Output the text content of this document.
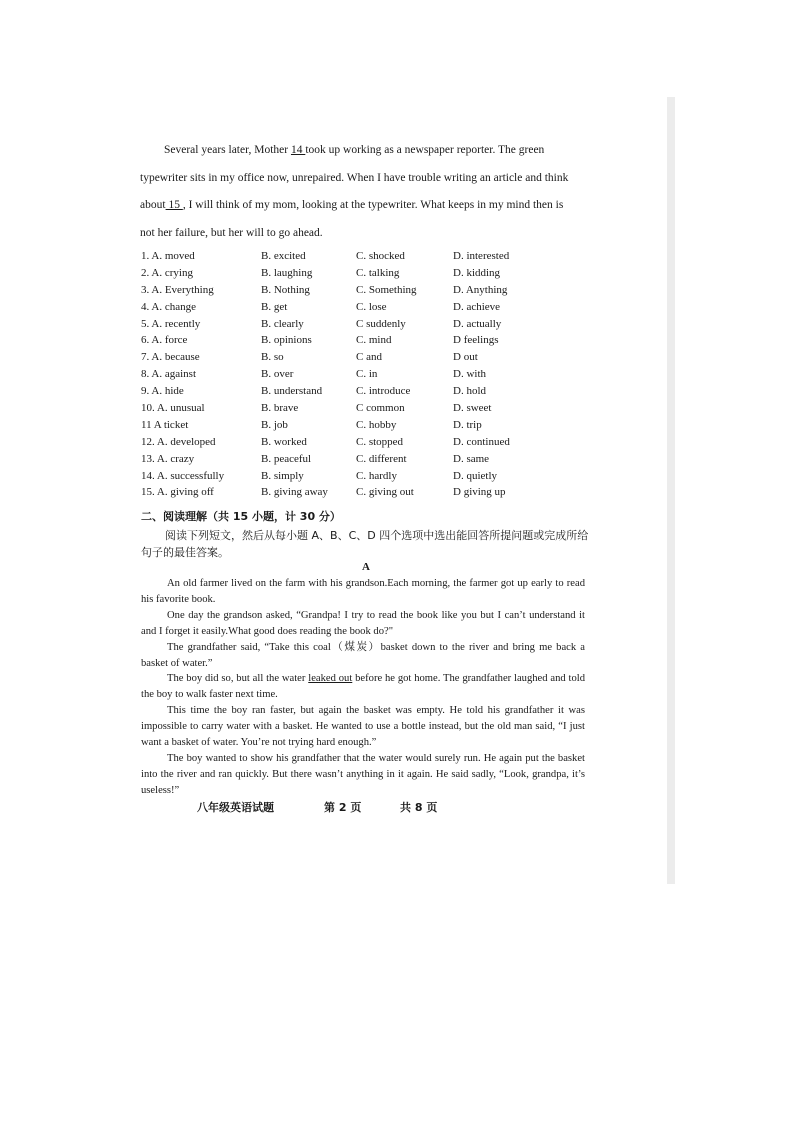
Several years later, Mother 14 took up working as a newspaper reporter. The green

typewriter sits in my office now, unrepaired. When I have trouble writing an article and think

about 15 , I will think of my mom, looking at the typewriter. What keeps in my mind then is

not her failure, but her will to go ahead.

1. A. moved	B. excited	C. shocked	D. interested
2. A. crying	B. laughing	C. talking	D. kidding
3. A. Everything	B. Nothing	C. Something	D. Anything
4. A. change	B. get	C. lose	D. achieve
5. A. recently	B. clearly	C suddenly	D. actually
6. A. force	B. opinions	C. mind	D feelings
7. A. because	B. so	C and	D out
8. A. against	B. over	C. in	D. with
9. A. hide	B. understand	C. introduce	D. hold
10. A. unusual	B. brave	C common	D. sweet
11 A ticket	B. job	C. hobby	D. trip
12. A. developed	B. worked	C. stopped	D. continued
13. A. crazy	B. peaceful	C. different	D. same
14. A. successfully	B. simply	C. hardly	D. quietly
15. A. giving off	B. giving away	C. giving out	D giving up
二、阅读理解（共 15 小题，计 30 分）
阅读下列短文，然后从每小题 A、B、C、D 四个选项中选出能回答所提问题或完成所给句子的最佳答案。
A

An old farmer lived on the farm with his grandson.Each morning, the farmer got up early to read his favorite book.

One day the grandson asked, “Grandpa! I try to read the book like you but I can’t understand it and I forget it easily.What good does reading the book do?"

The grandfather said, “Take this coal（煤炭）basket down to the river and bring me back a basket of water.”

The boy did so, but all the water leaked out before he got home. The grandfather laughed and told the boy to walk faster next time.

This time the boy ran faster, but again the basket was empty. He told his grandfather it was impossible to carry water with a basket. He wanted to use a bottle instead, but the old man said, “I just want a basket of water. You’re not trying hard enough.”

The boy wanted to show his grandfather that the water would surely run. He again put the basket into the river and ran quickly. But there wasn’t anything in it again. He said sadly, “Look, grandpa, it’s useless!”

八年级英语试题	第 2 页	共 8 页
